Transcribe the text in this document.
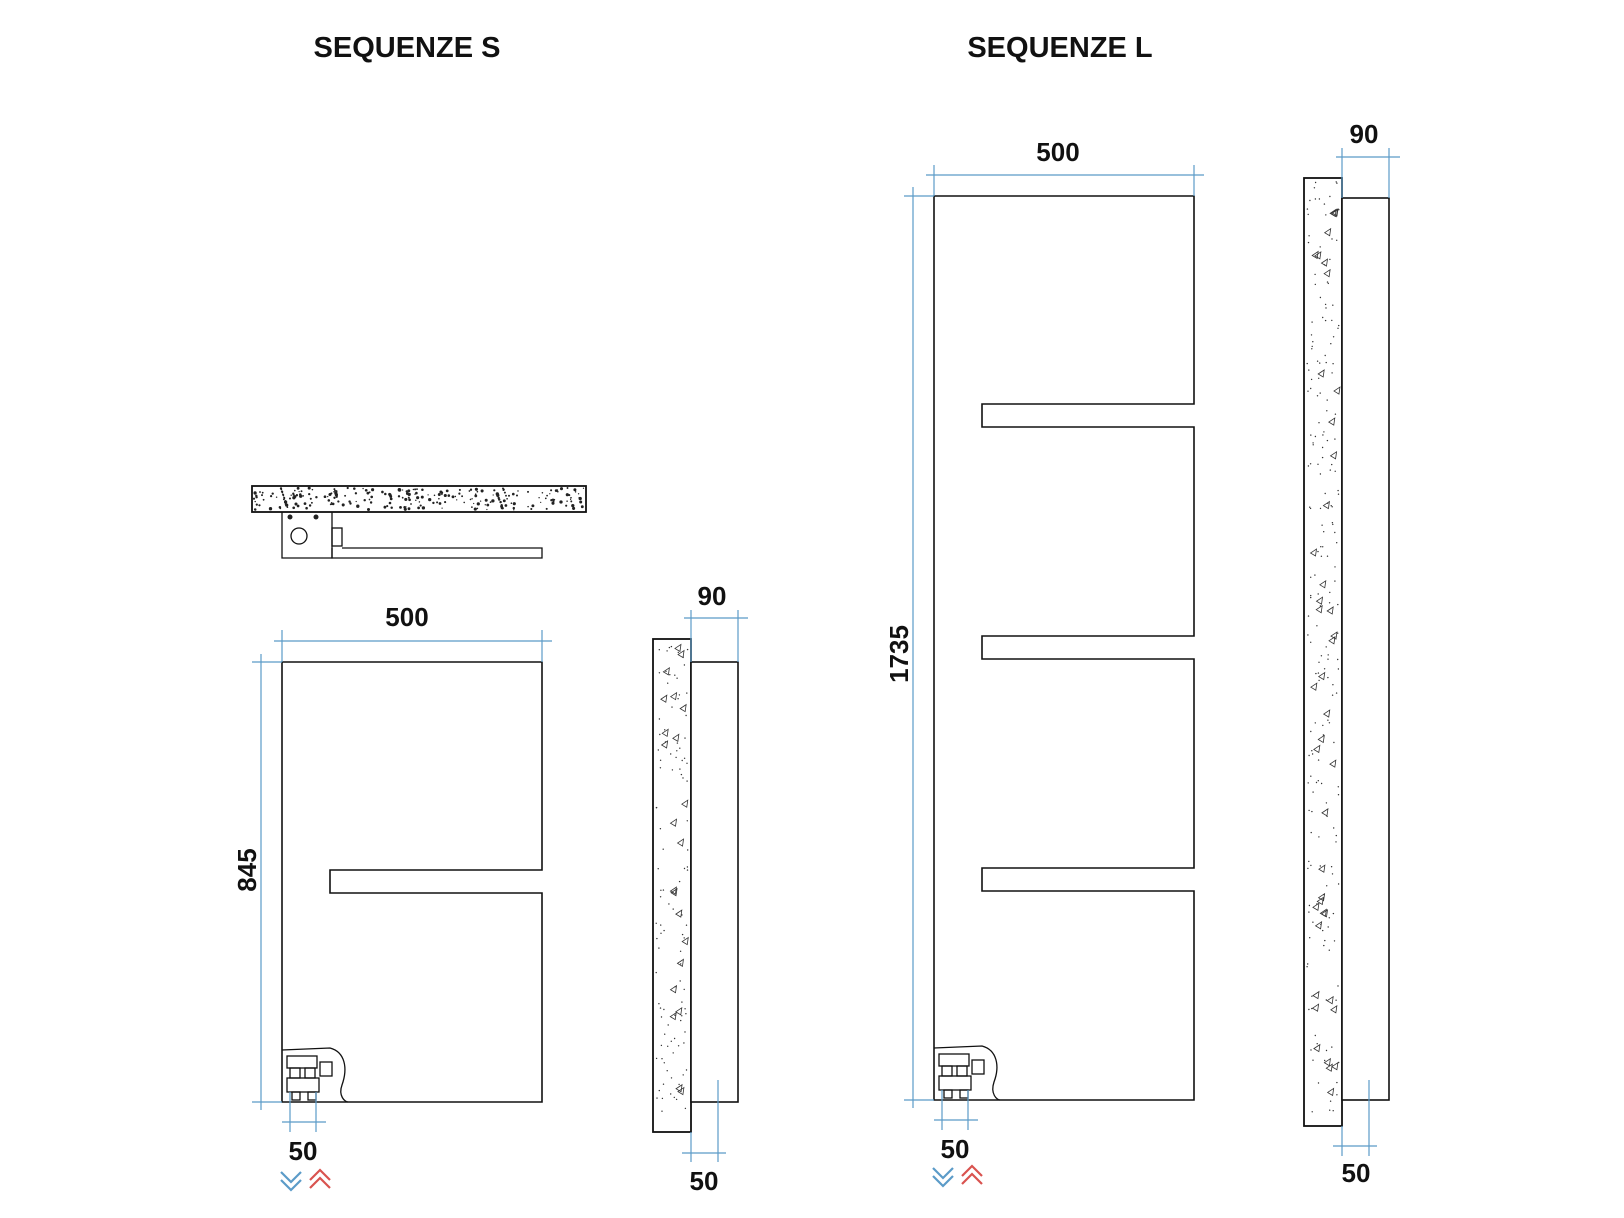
SEQUENZE S	SEQUENZE L
500
845
50
90
50
500
1735
50
90
50
